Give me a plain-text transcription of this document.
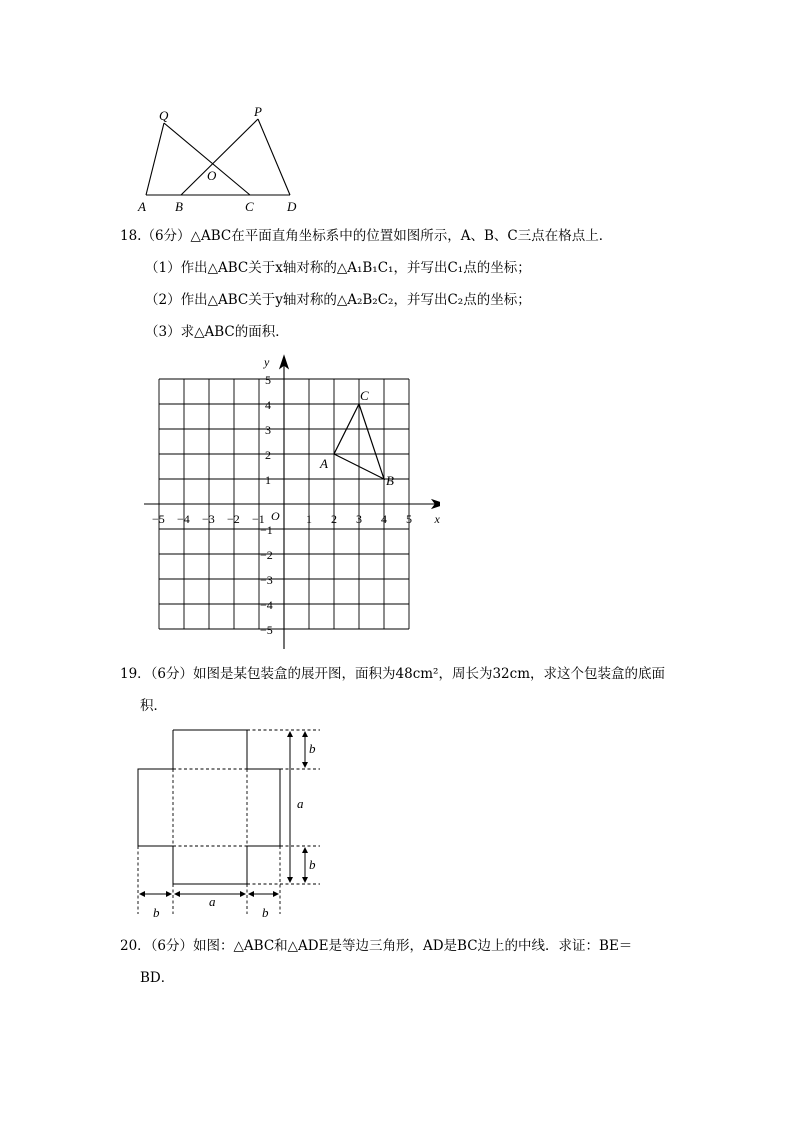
Q	P
O
A B	C	D
18.（6分）△ABC在平面直角坐标系中的位置如图所示，A、B、C三点在格点上．
（1）作出△ABC关于x轴对称的△A₁B₁C₁，并写出C₁点的坐标；
（2）作出△ABC关于y轴对称的△A₂B₂C₂，并写出C₂点的坐标；
（3）求△ABC的面积．
−5 −4 −3 −2 −1	1 2 3 4 5
1
2
3
4
5
−1
−2
−3
−4
−5
O	x
y
A
B
C
19．（6分）如图是某包装盒的展开图，面积为48cm²，周长为32cm，求这个包装盒的底面
积．
a
b
b
a
b	b
20．（6分）如图：△ABC和△ADE是等边三角形，AD是BC边上的中线．求证：BE＝
BD．
